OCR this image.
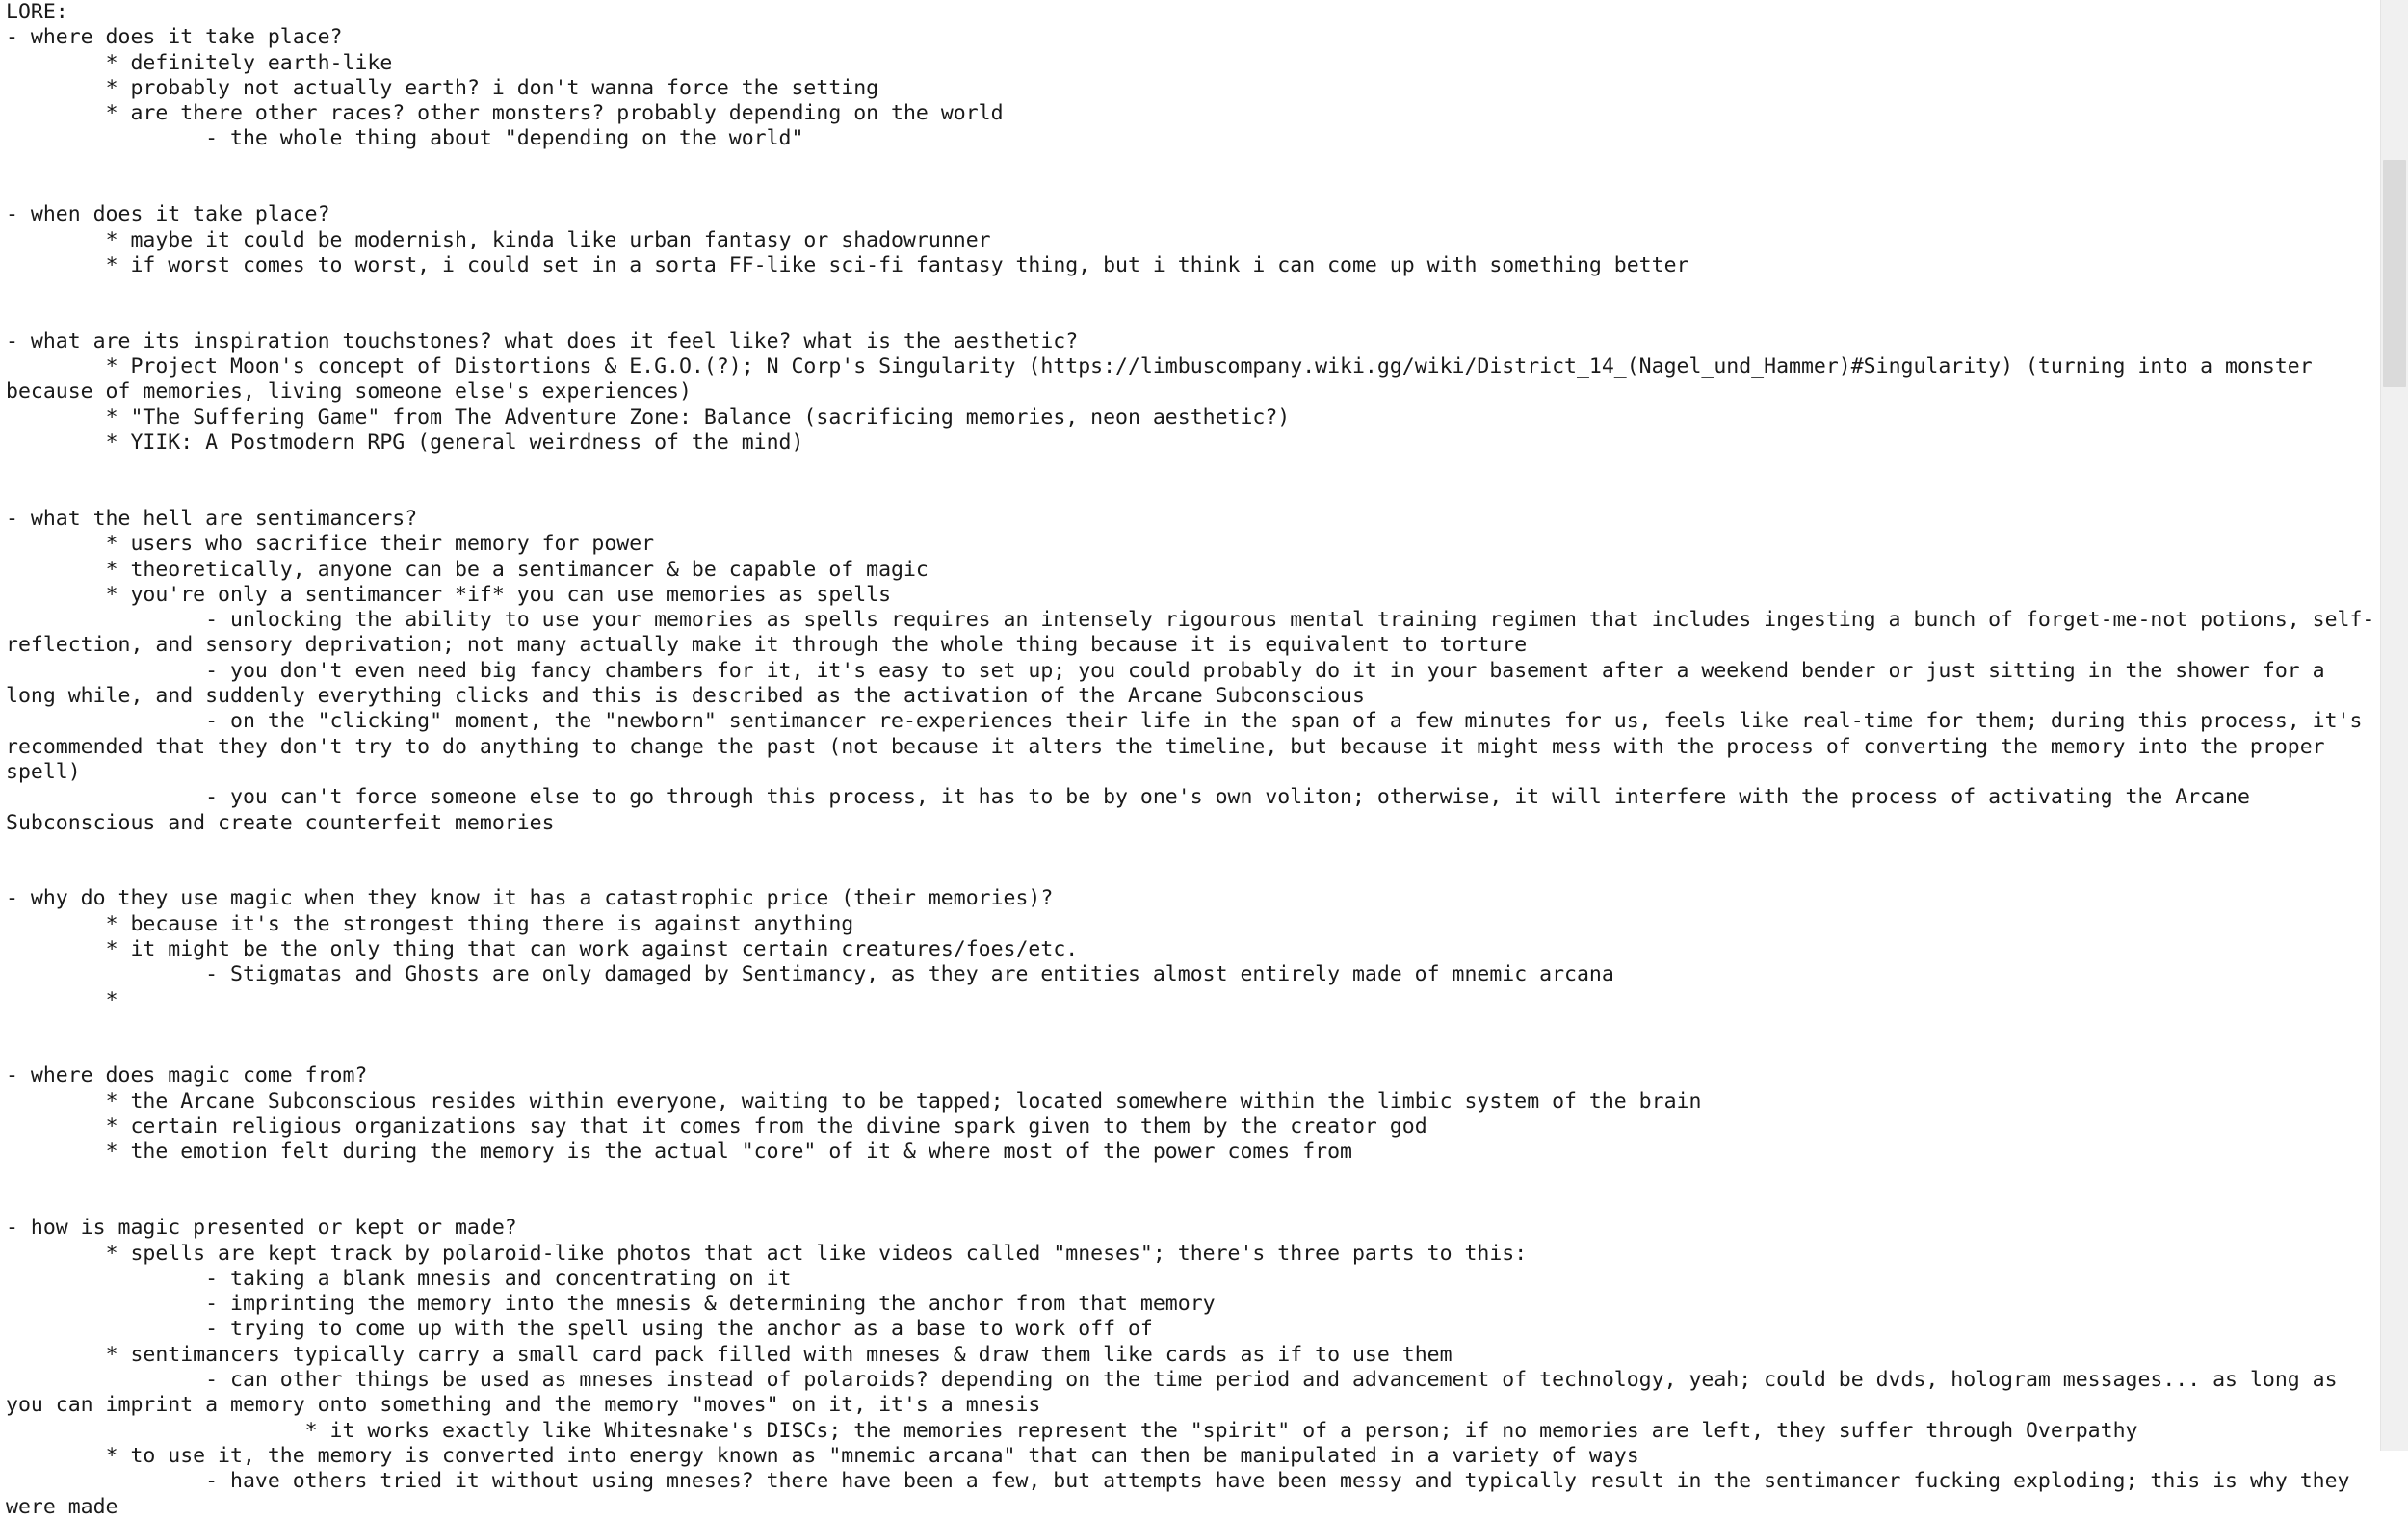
LORE:
- where does it take place?
	* definitely earth-like
	* probably not actually earth? i don't wanna force the setting
	* are there other races? other monsters? probably depending on the world
		- the whole thing about "depending on the world"
- when does it take place?
	* maybe it could be modernish, kinda like urban fantasy or shadowrunner
	* if worst comes to worst, i could set in a sorta FF-like sci-fi fantasy thing, but i think i can come up with something better
- what are its inspiration touchstones? what does it feel like? what is the aesthetic?
	* Project Moon's concept of Distortions & E.G.O.(?); N Corp's Singularity (https://limbuscompany.wiki.gg/wiki/District_14_(Nagel_und_Hammer)#Singularity) (turning into a monster because of memories, living someone else's experiences)
	* "The Suffering Game" from The Adventure Zone: Balance (sacrificing memories, neon aesthetic?)
	* YIIK: A Postmodern RPG (general weirdness of the mind)
- what the hell are sentimancers?
	* users who sacrifice their memory for power
	* theoretically, anyone can be a sentimancer & be capable of magic
	* you're only a sentimancer *if* you can use memories as spells
		- unlocking the ability to use your memories as spells requires an intensely rigourous mental training regimen that includes ingesting a bunch of forget-me-not potions, self-reflection, and sensory deprivation; not many actually make it through the whole thing because it is equivalent to torture
		- you don't even need big fancy chambers for it, it's easy to set up; you could probably do it in your basement after a weekend bender or just sitting in the shower for a long while, and suddenly everything clicks and this is described as the activation of the Arcane Subconscious
		- on the "clicking" moment, the "newborn" sentimancer re-experiences their life in the span of a few minutes for us, feels like real-time for them; during this process, it's recommended that they don't try to do anything to change the past (not because it alters the timeline, but because it might mess with the process of converting the memory into the proper spell)
		- you can't force someone else to go through this process, it has to be by one's own voliton; otherwise, it will interfere with the process of activating the Arcane Subconscious and create counterfeit memories
- why do they use magic when they know it has a catastrophic price (their memories)?
	* because it's the strongest thing there is against anything
	* it might be the only thing that can work against certain creatures/foes/etc.
		- Stigmatas and Ghosts are only damaged by Sentimancy, as they are entities almost entirely made of mnemic arcana
	*
- where does magic come from?
	* the Arcane Subconscious resides within everyone, waiting to be tapped; located somewhere within the limbic system of the brain
	* certain religious organizations say that it comes from the divine spark given to them by the creator god
	* the emotion felt during the memory is the actual "core" of it & where most of the power comes from
- how is magic presented or kept or made?
	* spells are kept track by polaroid-like photos that act like videos called "mneses"; there's three parts to this:
		- taking a blank mnesis and concentrating on it
		- imprinting the memory into the mnesis & determining the anchor from that memory
		- trying to come up with the spell using the anchor as a base to work off of
	* sentimancers typically carry a small card pack filled with mneses & draw them like cards as if to use them
		- can other things be used as mneses instead of polaroids? depending on the time period and advancement of technology, yeah; could be dvds, hologram messages... as long as you can imprint a memory onto something and the memory "moves" on it, it's a mnesis
			* it works exactly like Whitesnake's DISCs; the memories represent the "spirit" of a person; if no memories are left, they suffer through Overpathy
	* to use it, the memory is converted into energy known as "mnemic arcana" that can then be manipulated in a variety of ways
		- have others tried it without using mneses? there have been a few, but attempts have been messy and typically result in the sentimancer fucking exploding; this is why they were made
